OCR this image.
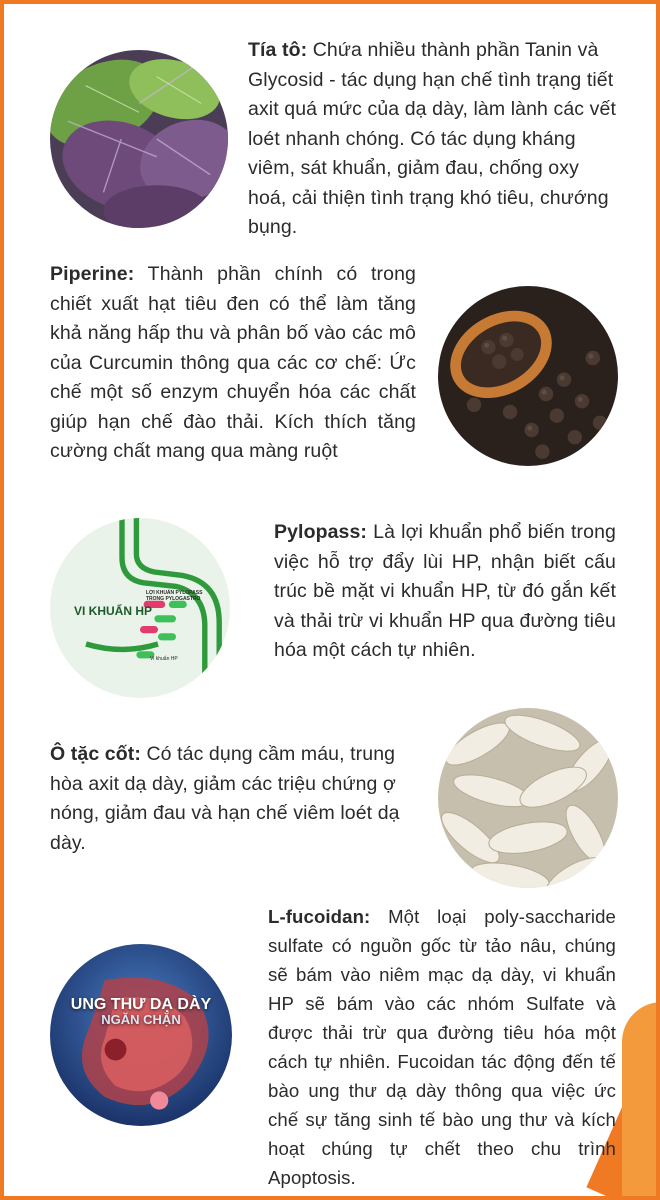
Tía tô: Chứa nhiều thành phần Tanin và Glycosid - tác dụng hạn chế tình trạng tiết axit quá mức của dạ dày, làm lành các vết loét nhanh chóng. Có tác dụng kháng viêm, sát khuẩn, giảm đau, chống oxy hoá, cải thiện tình trạng khó tiêu, chướng bụng.

Piperine: Thành phần chính có trong chiết xuất hạt tiêu đen có thể làm tăng khả năng hấp thu và phân bố vào các mô của Curcumin thông qua các cơ chế: Ức chế một số enzym chuyển hóa các chất giúp hạn chế đào thải. Kích thích tăng cường chất mang qua màng ruột

VI KHUẨN HP
LỢI KHUẨN PYLOPASS TRONG PYLOGASTRO
Vi khuẩn HP

Pylopass: Là lợi khuẩn phổ biến trong việc hỗ trợ đẩy lùi HP, nhận biết cấu trúc bề mặt vi khuẩn HP, từ đó gắn kết và thải trừ vi khuẩn HP qua đường tiêu hóa một cách tự nhiên.

Ô tặc cốt: Có tác dụng cầm máu, trung hòa axit dạ dày, giảm các triệu chứng ợ nóng, giảm đau và hạn chế viêm loét dạ dày.

UNG THƯ DẠ DÀY
NGĂN CHẶN

L-fucoidan: Một loại poly-saccharide sulfate có nguồn gốc từ tảo nâu, chúng sẽ bám vào niêm mạc dạ dày, vi khuẩn HP sẽ bám vào các nhóm Sulfate và được thải trừ qua đường tiêu hóa một cách tự nhiên. Fucoidan tác động đến tế bào ung thư dạ dày thông qua việc ức chế sự tăng sinh tế bào ung thư và kích hoạt chúng tự chết theo chu trình Apoptosis.
